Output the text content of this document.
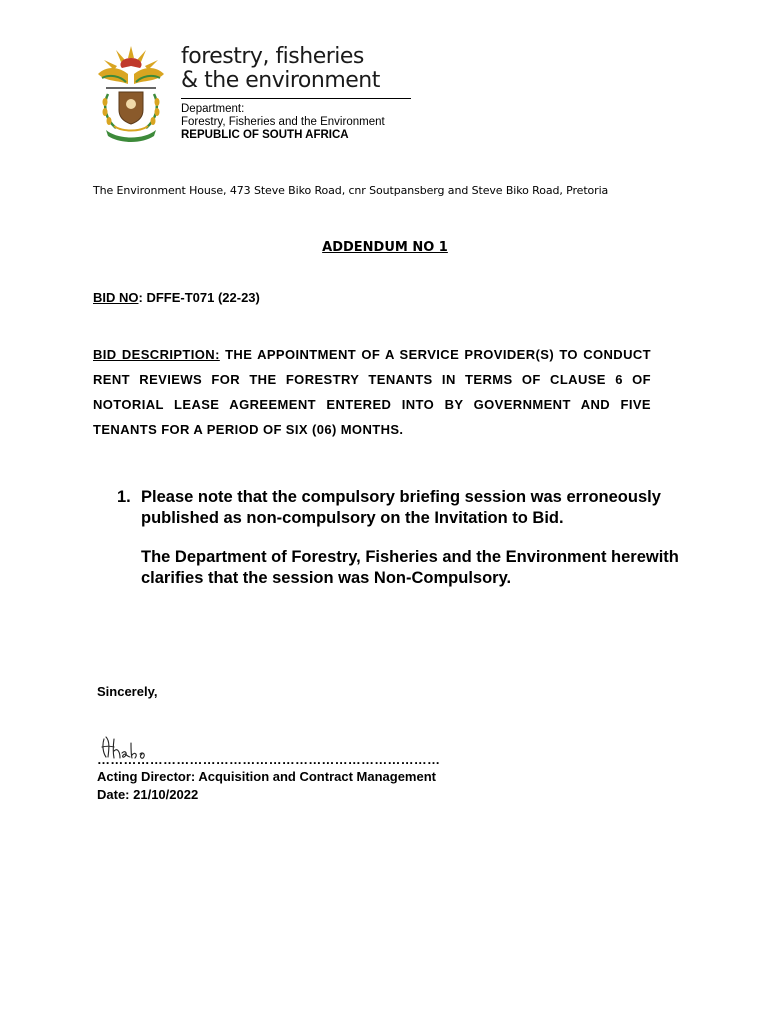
forestry, fisheries
& the environment
Department:
Forestry, Fisheries and the Environment
REPUBLIC OF SOUTH AFRICA
The Environment House, 473 Steve Biko Road, cnr Soutpansberg and Steve Biko Road, Pretoria
ADDENDUM NO 1
BID NO: DFFE-T071 (22-23)
BID DESCRIPTION: THE APPOINTMENT OF A SERVICE PROVIDER(S) TO CONDUCT RENT REVIEWS FOR THE FORESTRY TENANTS IN TERMS OF CLAUSE 6 OF NOTORIAL LEASE AGREEMENT ENTERED INTO BY GOVERNMENT AND FIVE TENANTS FOR A PERIOD OF SIX (06) MONTHS.
1. Please note that the compulsory briefing session was erroneously published as non-compulsory on the Invitation to Bid.

The Department of Forestry, Fisheries and the Environment herewith clarifies that the session was Non-Compulsory.

Sincerely,
……………………………………………………………………
Acting Director: Acquisition and Contract Management
Date: 21/10/2022
